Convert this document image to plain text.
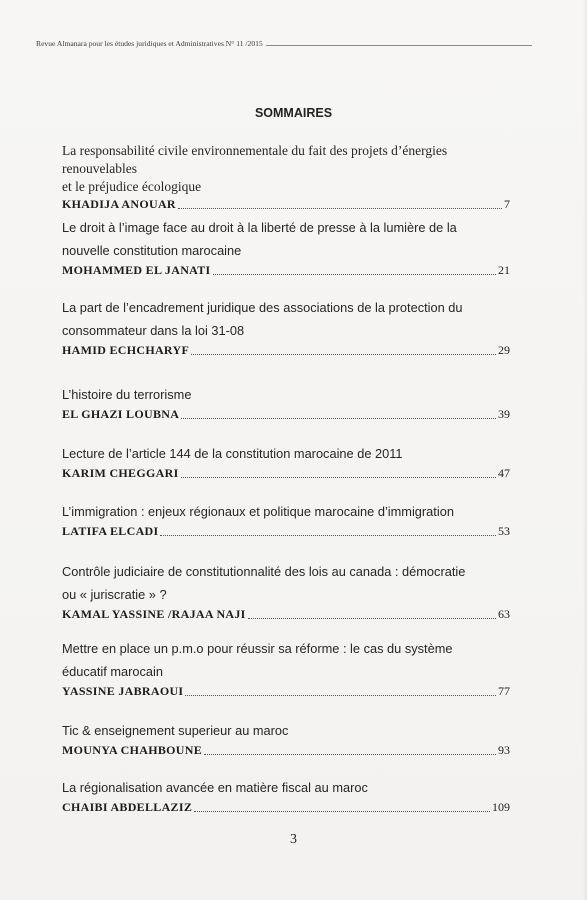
Revue Almanara pour les études juridiques et Administratives N° 11 /2015
SOMMAIRES
La responsabilité civile environnementale du fait des projets d’énergies renouvelables
et le préjudice écologique
KHADIJA ANOUAR	7
Le droit à l’image face au droit à la liberté de presse à la lumière de la
nouvelle constitution marocaine
MOHAMMED EL JANATI	21
La part de l’encadrement juridique des associations de la protection du
consommateur dans la loi 31-08
HAMID ECHCHARYF	29
L’histoire du terrorisme
EL GHAZI LOUBNA	39
Lecture de l’article 144 de la constitution marocaine de 2011
KARIM CHEGGARI	47
L’immigration : enjeux régionaux et politique marocaine d’immigration
LATIFA ELCADI	53
Contrôle judiciaire de constitutionnalité des lois au canada : démocratie
ou « juriscratie » ?
KAMAL YASSINE /RAJAA NAJI	63
Mettre en place un p.m.o pour réussir sa réforme : le cas du système
éducatif marocain
YASSINE JABRAOUI	77
Tic & enseignement superieur au maroc
MOUNYA CHAHBOUNE	93
La régionalisation avancée en matière fiscal au maroc
CHAIBI ABDELLAZIZ	109
3
